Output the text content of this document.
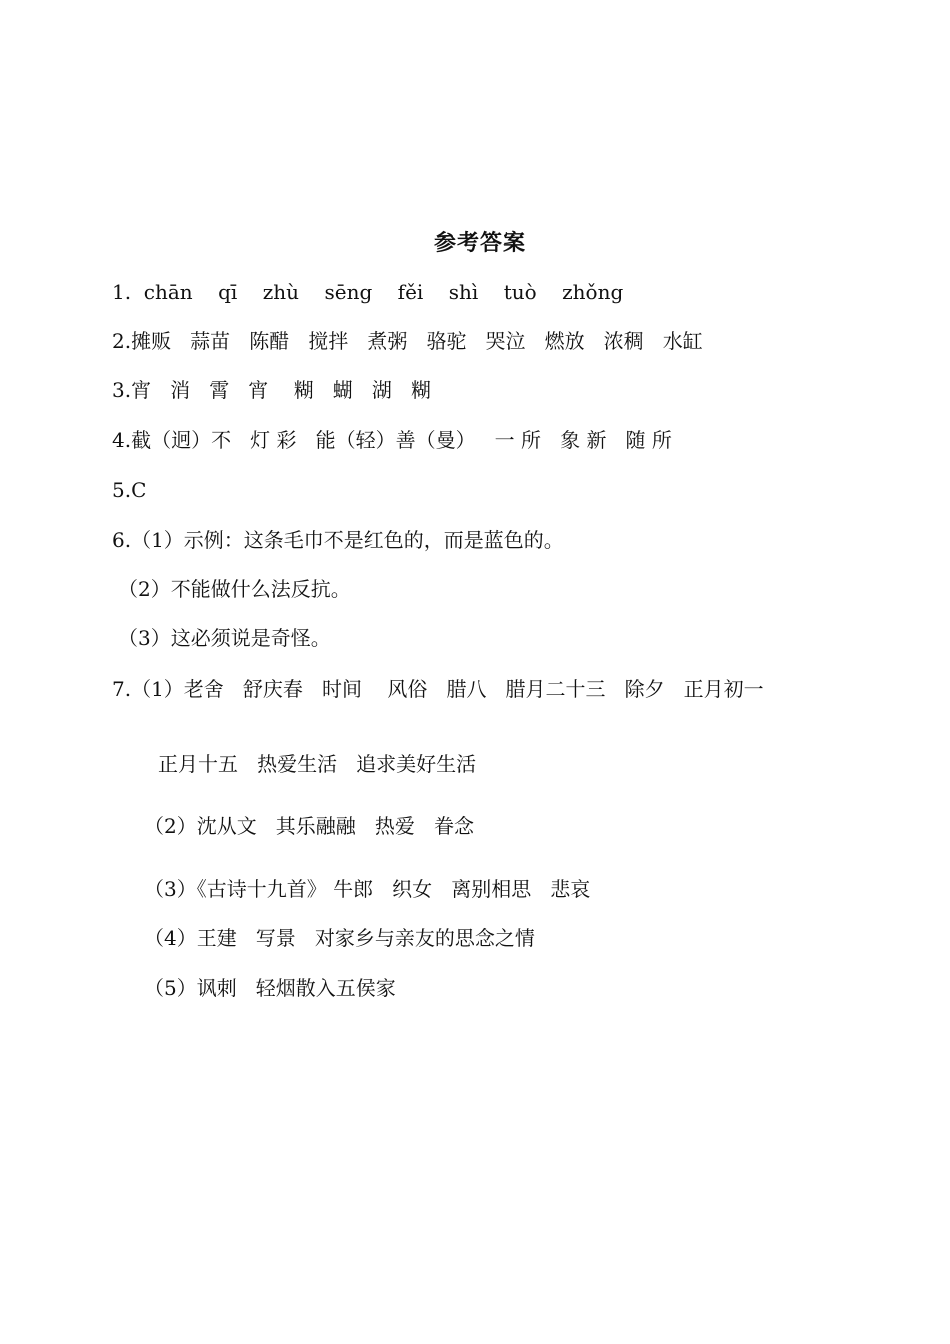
参考答案
1.  chān    qī    zhù    sēng    fěi    shì    tuò    zhǒng
2.摊贩   蒜苗   陈醋   搅拌   煮粥   骆驼   哭泣   燃放   浓稠   水缸
3.宵   消   霄   宵    糊   蝴   湖   糊
4.截（迥）不   灯 彩   能（轻）善（曼）   一 所   象 新   随 所
5.C
6.（1）示例：这条毛巾不是红色的，而是蓝色的。
（2）不能做什么法反抗。
（3）这必须说是奇怪。
7.（1）老舍   舒庆春   时间    风俗   腊八   腊月二十三   除夕   正月初一
正月十五   热爱生活   追求美好生活
（2）沈从文   其乐融融   热爱   眷念
（3）《古诗十九首》 牛郎   织女   离别相思   悲哀
（4）王建   写景   对家乡与亲友的思念之情
（5）讽刺   轻烟散入五侯家
